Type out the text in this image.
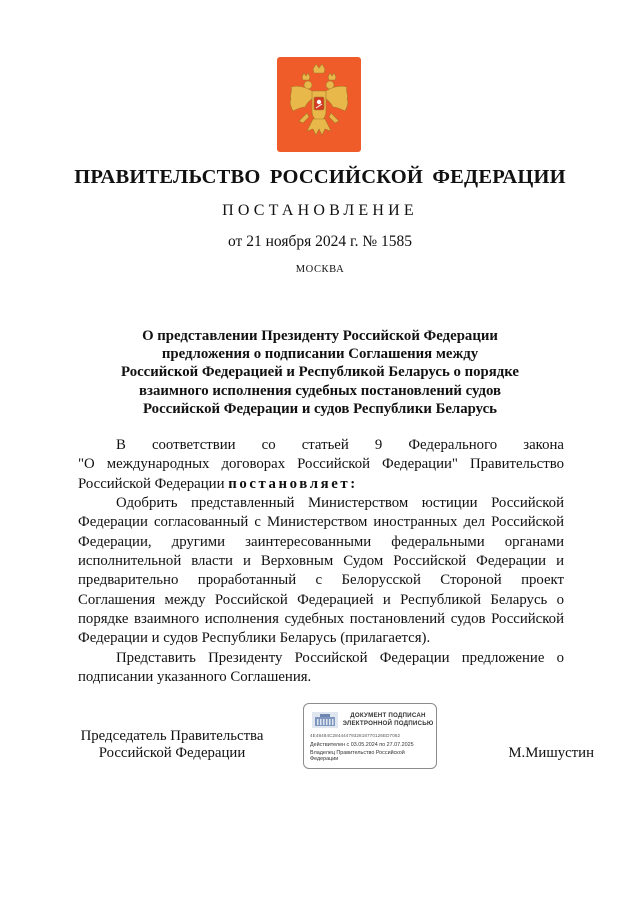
ПРАВИТЕЛЬСТВО РОССИЙСКОЙ ФЕДЕРАЦИИ
ПОСТАНОВЛЕНИЕ
от 21 ноября 2024 г. № 1585
МОСКВА
О представлении Президенту Российской Федерации
предложения о подписании Соглашения между
Российской Федерацией и Республикой Беларусь о порядке
взаимного исполнения судебных постановлений судов
Российской Федерации и судов Республики Беларусь

В соответствии со статьей 9 Федерального закона
"О международных договорах Российской Федерации" Правительство
Российской Федерации постановляет:

Одобрить представленный Министерством юстиции Российской Федерации согласованный с Министерством иностранных дел Российской Федерации, другими заинтересованными федеральными органами исполнительной власти и Верховным Судом Российской Федерации и предварительно проработанный с Белорусской Стороной проект Соглашения между Российской Федерацией и Республикой Беларусь о порядке взаимного исполнения судебных постановлений судов Российской Федерации и судов Республики Беларусь (прилагается).

Представить Президенту Российской Федерации предложение о подписании указанного Соглашения.

Председатель Правительства
Российской Федерации
ДОКУМЕНТ ПОДПИСАН
ЭЛЕКТРОННОЙ ПОДПИСЬЮ
4E48484C2844447932818770126ED7062
Действителен с 03.05.2024 по 27.07.2025
Владелец Правительство Российской Федерации	М.Мишустин
